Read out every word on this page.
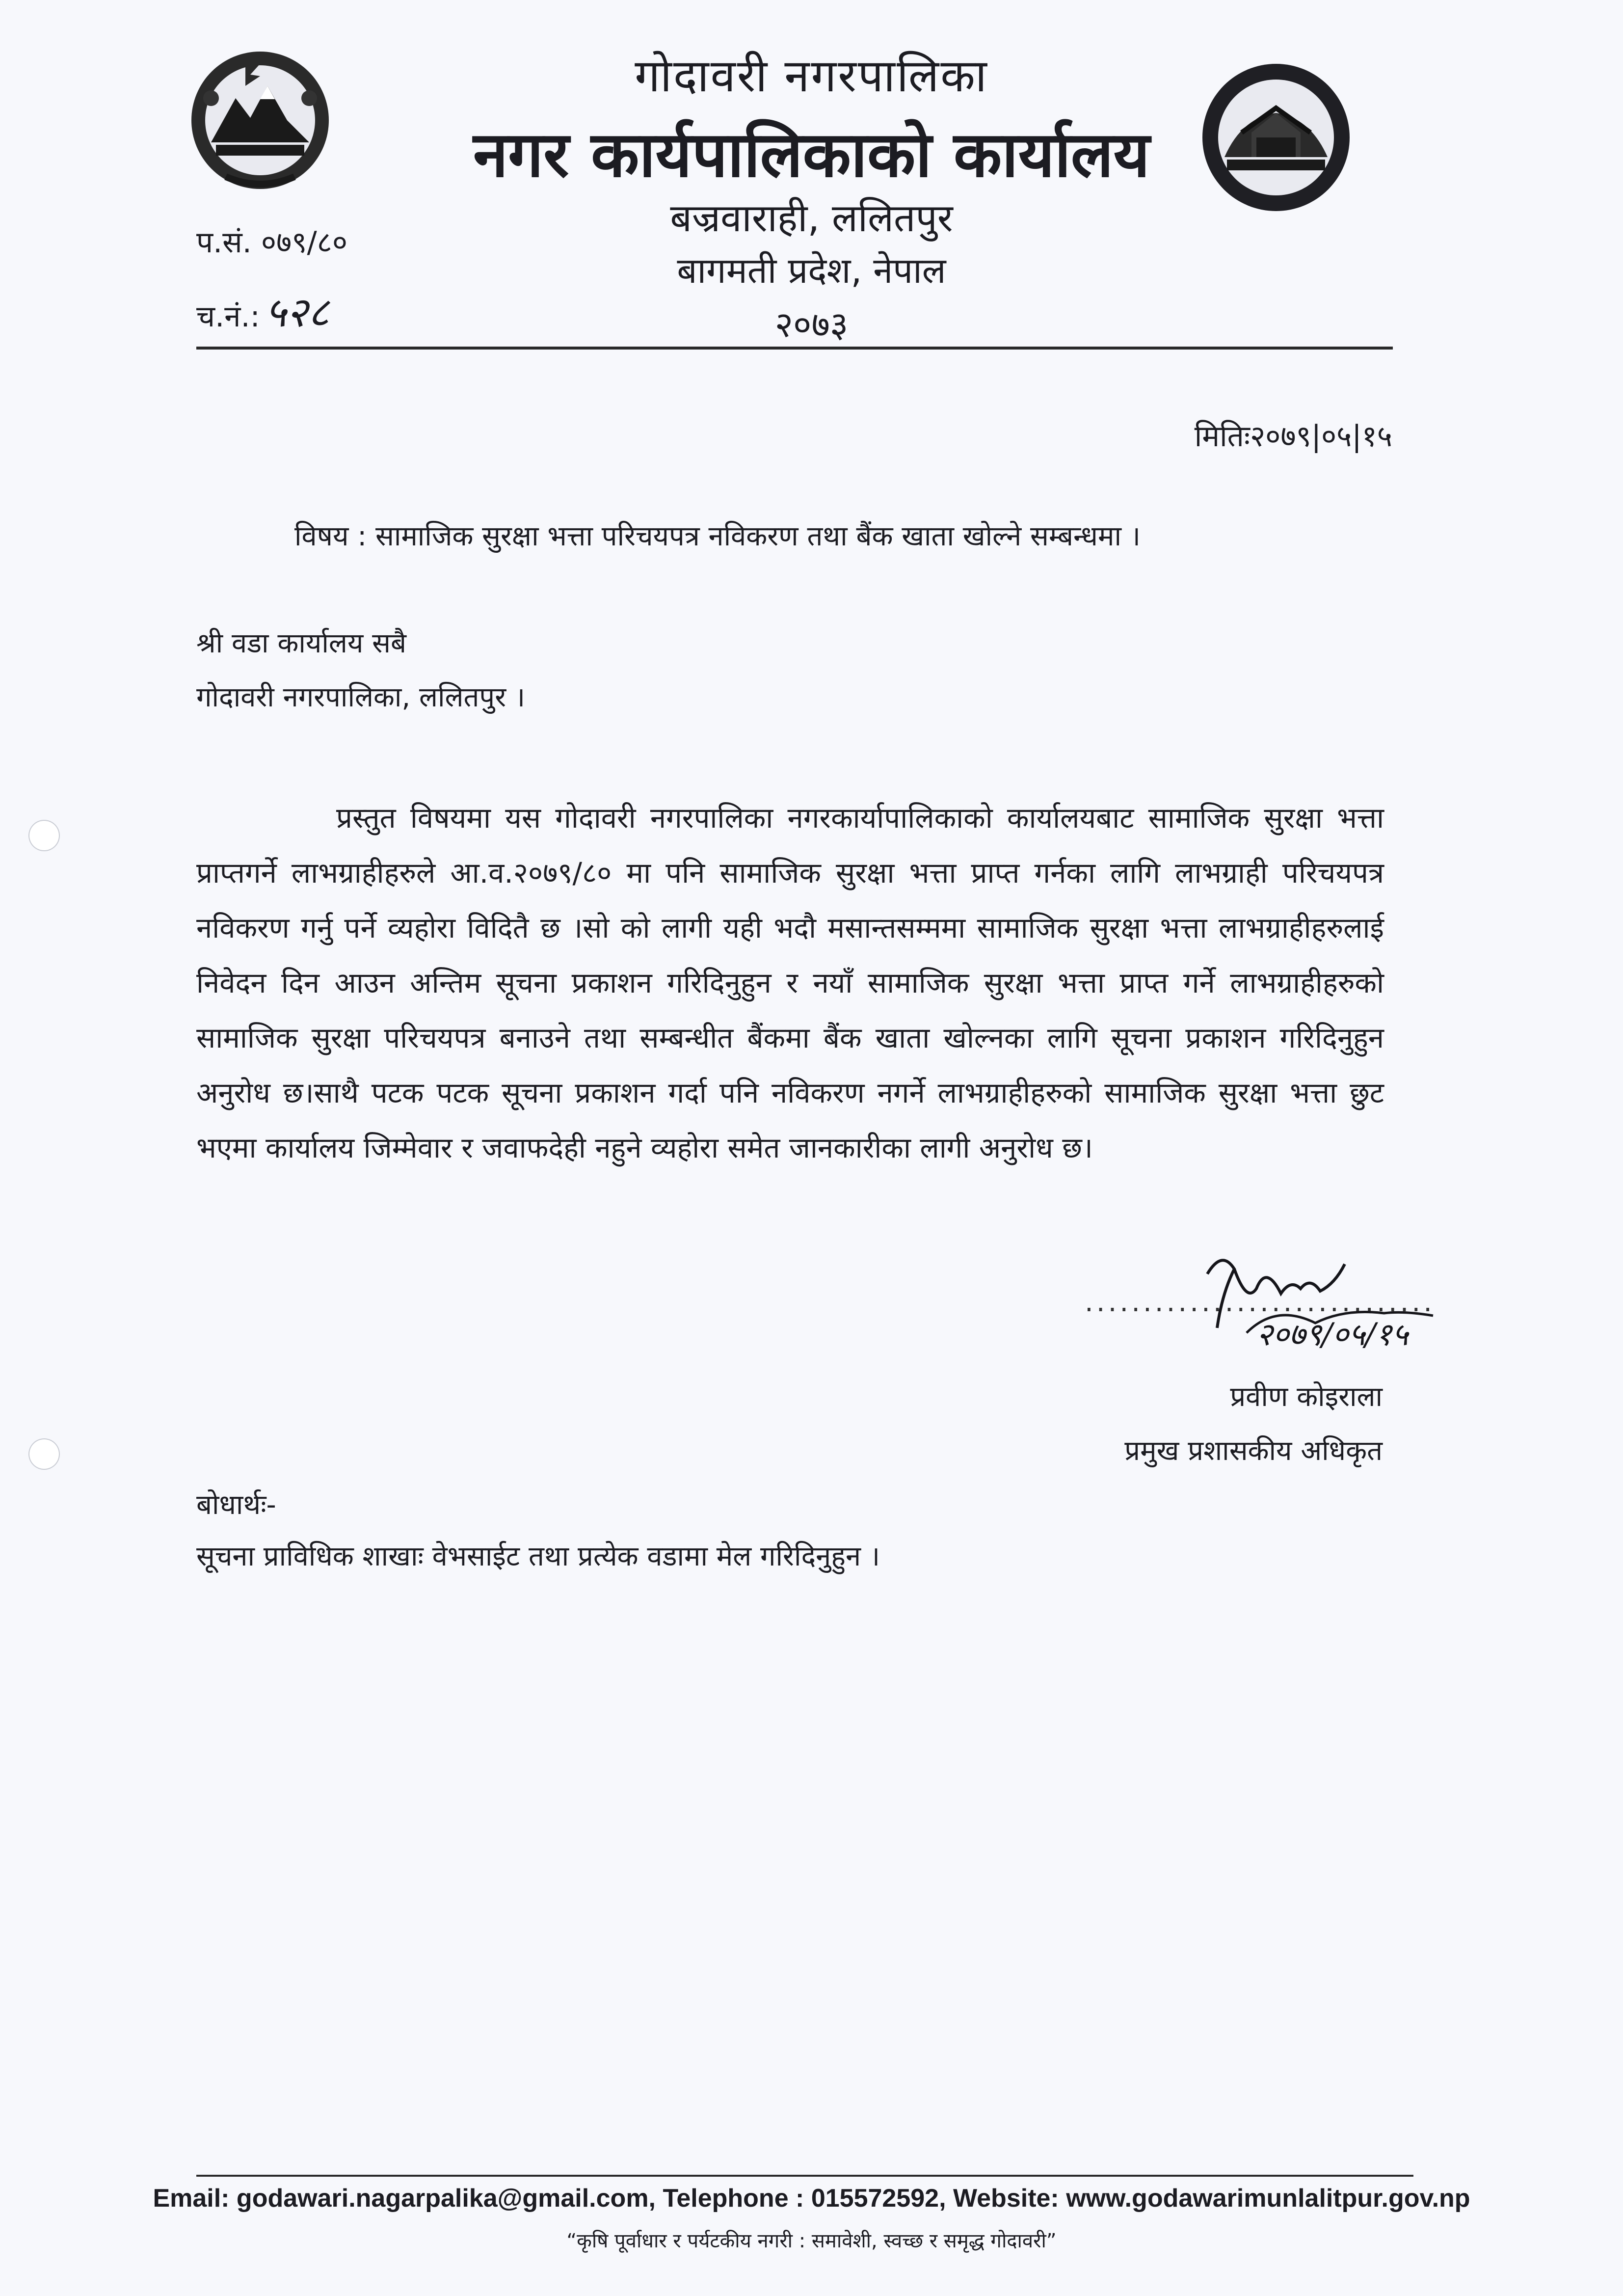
गोदावरी नगरपालिका
नगर कार्यपालिकाको कार्यालय
बज्रवाराही, ललितपुर
बागमती प्रदेश, नेपाल
२०७३
प.सं. ०७९/८०
च.नं.: ५२८
मितिः२०७९|०५|१५
विषय : सामाजिक सुरक्षा भत्ता परिचयपत्र नविकरण तथा बैंक खाता खोल्ने सम्बन्धमा ।
श्री वडा कार्यालय सबै
गोदावरी नगरपालिका, ललितपुर ।
प्रस्तुत विषयमा यस गोदावरी नगरपालिका नगरकार्यापालिकाको कार्यालयबाट सामाजिक सुरक्षा भत्ता प्राप्तगर्ने लाभग्राहीहरुले आ.व.२०७९/८० मा पनि सामाजिक सुरक्षा भत्ता प्राप्त गर्नका लागि लाभग्राही परिचयपत्र नविकरण गर्नु पर्ने व्यहोरा विदितै छ ।सो को लागी यही भदौ मसान्तसम्ममा सामाजिक सुरक्षा भत्ता लाभग्राहीहरुलाई निवेदन दिन आउन अन्तिम सूचना प्रकाशन गरिदिनुहुन र नयाँ सामाजिक सुरक्षा भत्ता प्राप्त गर्ने लाभग्राहीहरुको सामाजिक सुरक्षा परिचयपत्र बनाउने तथा सम्बन्धीत बैंकमा बैंक खाता खोल्नका लागि सूचना प्रकाशन गरिदिनुहुन अनुरोध छ।साथै पटक पटक सूचना प्रकाशन गर्दा पनि नविकरण नगर्ने लाभग्राहीहरुको सामाजिक सुरक्षा भत्ता छुट भएमा कार्यालय जिम्मेवार र जवाफदेही नहुने व्यहोरा समेत जानकारीका लागी अनुरोध छ।
..............................
२०७९/०५/१५
प्रवीण कोइराला
प्रमुख प्रशासकीय अधिकृत
बोधार्थः-
सूचना प्राविधिक शाखाः वेभसाईट तथा प्रत्येक वडामा मेल गरिदिनुहुन ।
Email: godawari.nagarpalika@gmail.com, Telephone : 015572592, Website: www.godawarimunlalitpur.gov.np
“कृषि पूर्वाधार र पर्यटकीय नगरी : समावेशी, स्वच्छ र समृद्ध गोदावरी”
